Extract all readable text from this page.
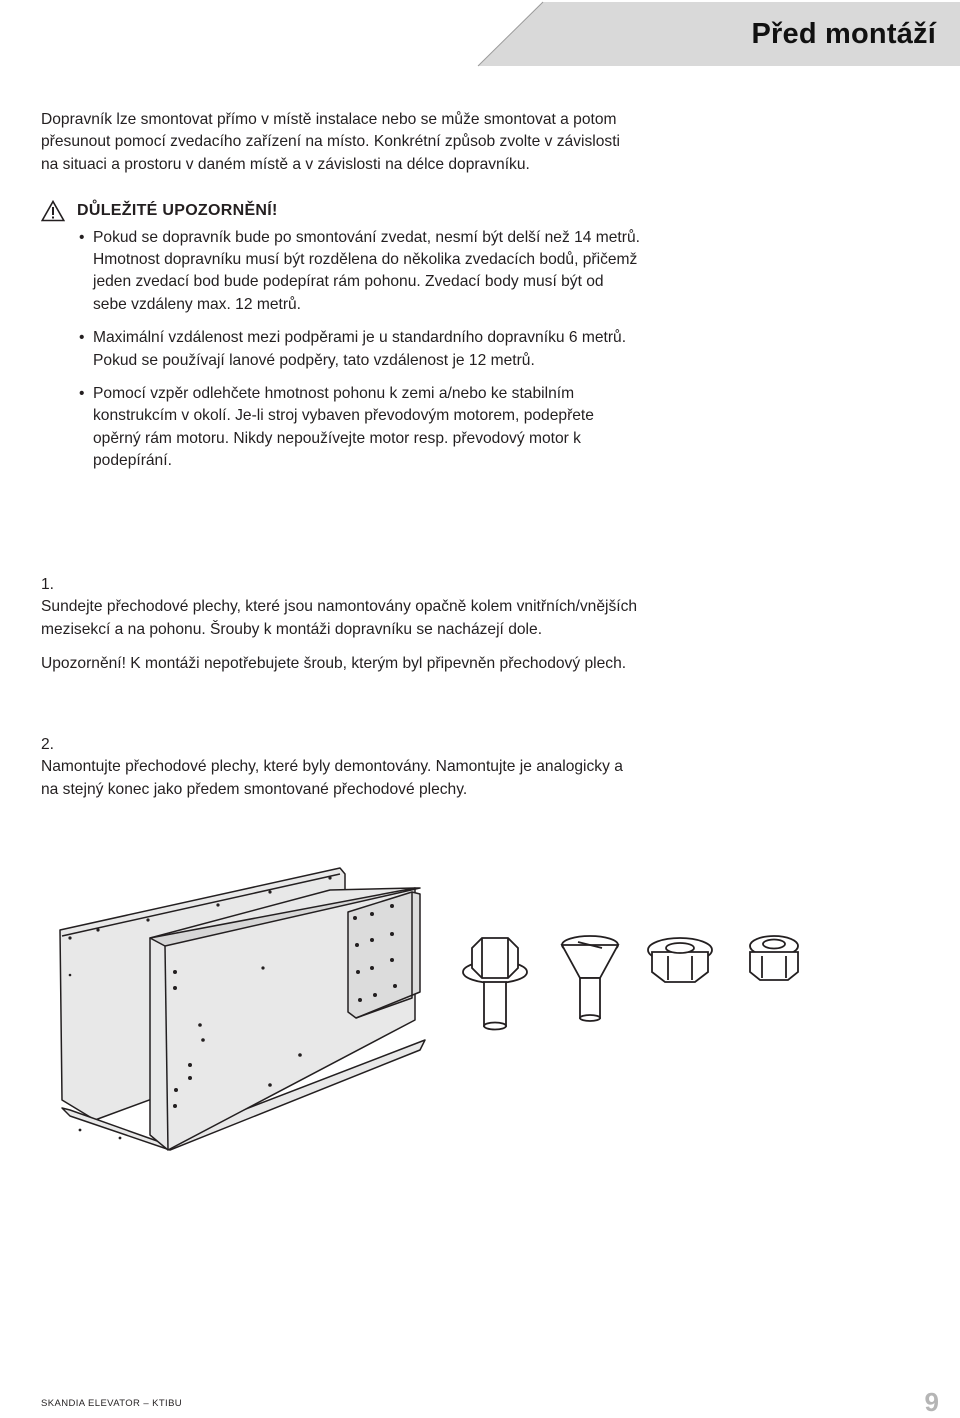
Před montáží

Dopravník lze smontovat přímo v místě instalace nebo se může smontovat a potom přesunout pomocí zvedacího zařízení na místo. Konkrétní způsob zvolte v závislosti na situaci a prostoru v daném místě a v závislosti na délce dopravníku.

DŮLEŽITÉ UPOZORNĚNÍ!
• Pokud se dopravník bude po smontování zvedat, nesmí být delší než 14 metrů. Hmotnost dopravníku musí být rozdělena do několika zvedacích bodů, přičemž jeden zvedací bod bude podepírat rám pohonu. Zvedací body musí být od sebe vzdáleny max. 12 metrů.
• Maximální vzdálenost mezi podpěrami je u standardního dopravníku 6 metrů. Pokud se používají lanové podpěry, tato vzdálenost je 12 metrů.
• Pomocí vzpěr odlehčete hmotnost pohonu k zemi a/nebo ke stabilním konstrukcím v okolí. Je-li stroj vybaven převodovým motorem, podepřete opěrný rám motoru. Nikdy nepoužívejte motor resp. převodový motor k podepírání.

1.

Sundejte přechodové plechy, které jsou namontovány opačně kolem vnitřních/vnějších mezisekcí a na pohonu. Šrouby k montáži dopravníku se nacházejí dole.

Upozornění! K montáži nepotřebujete šroub, kterým byl připevněn přechodový plech.

2.

Namontujte přechodové plechy, které byly demontovány. Namontujte je analogicky a na stejný konec jako předem smontované přechodové plechy.

SKANDIA ELEVATOR – KTIBU	9
